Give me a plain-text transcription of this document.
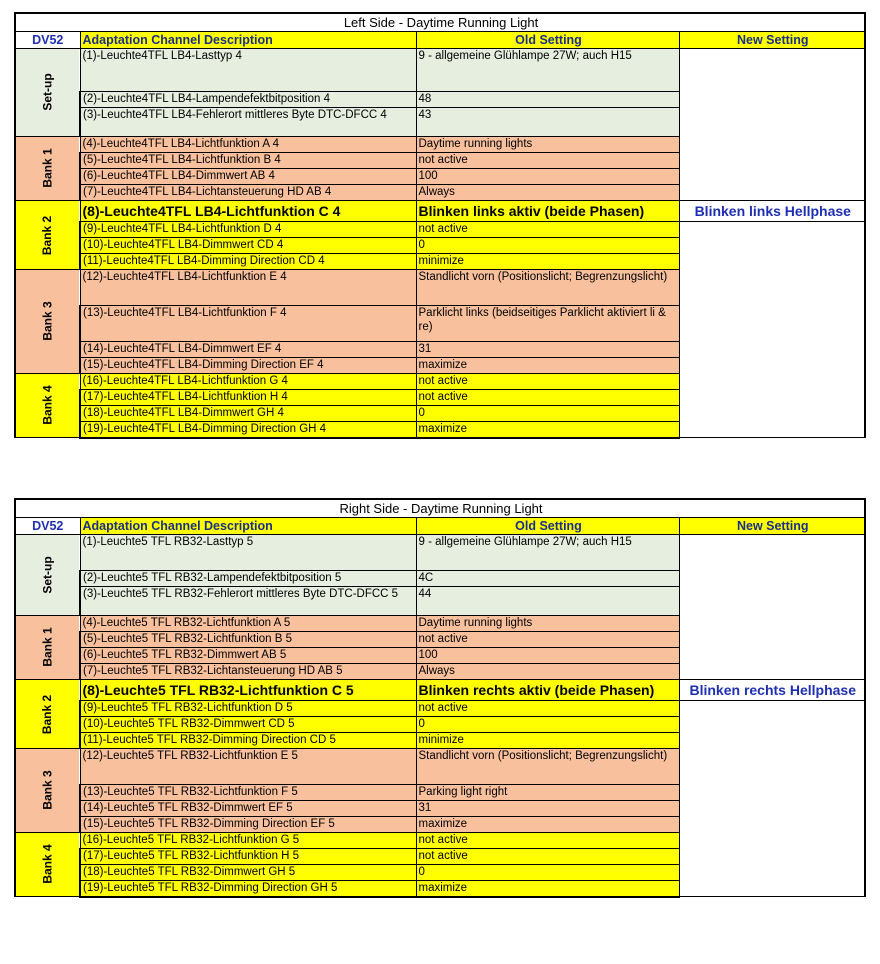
Left Side - Daytime Running Light			
DV52	Adaptation Channel Description	Old Setting	New Setting
Set-up	(1)-Leuchte4TFL LB4-Lasttyp 4	9 - allgemeine Glühlampe 27W; auch H15	
	(2)-Leuchte4TFL LB4-Lampendefektbitposition 4	48	
	(3)-Leuchte4TFL LB4-Fehlerort mittleres Byte DTC-DFCC 4	43	
Bank 1	(4)-Leuchte4TFL LB4-Lichtfunktion A 4	Daytime running lights	
	(5)-Leuchte4TFL LB4-Lichtfunktion B 4	not active	
	(6)-Leuchte4TFL LB4-Dimmwert AB 4	100	
	(7)-Leuchte4TFL LB4-Lichtansteuerung HD AB 4	Always	
Bank 2	(8)-Leuchte4TFL LB4-Lichtfunktion C 4	Blinken links aktiv (beide Phasen)	Blinken links Hellphase
	(9)-Leuchte4TFL LB4-Lichtfunktion D 4	not active	
	(10)-Leuchte4TFL LB4-Dimmwert CD 4	0	
	(11)-Leuchte4TFL LB4-Dimming Direction CD 4	minimize	
Bank 3	(12)-Leuchte4TFL LB4-Lichtfunktion E 4	Standlicht vorn (Positionslicht; Begrenzungslicht)	
	(13)-Leuchte4TFL LB4-Lichtfunktion F 4	Parklicht links (beidseitiges Parklicht aktiviert li & re)	
	(14)-Leuchte4TFL LB4-Dimmwert EF 4	31	
	(15)-Leuchte4TFL LB4-Dimming Direction EF 4	maximize	
Bank 4	(16)-Leuchte4TFL LB4-Lichtfunktion G 4	not active	
	(17)-Leuchte4TFL LB4-Lichtfunktion H 4	not active	
	(18)-Leuchte4TFL LB4-Dimmwert GH 4	0	
	(19)-Leuchte4TFL LB4-Dimming Direction GH 4	maximize	
Right Side - Daytime Running Light			
DV52	Adaptation Channel Description	Old Setting	New Setting
Set-up	(1)-Leuchte5 TFL RB32-Lasttyp 5	9 - allgemeine Glühlampe 27W; auch H15	
	(2)-Leuchte5 TFL RB32-Lampendefektbitposition 5	4C	
	(3)-Leuchte5 TFL RB32-Fehlerort mittleres Byte DTC-DFCC 5	44	
Bank 1	(4)-Leuchte5 TFL RB32-Lichtfunktion A 5	Daytime running lights	
	(5)-Leuchte5 TFL RB32-Lichtfunktion B 5	not active	
	(6)-Leuchte5 TFL RB32-Dimmwert AB 5	100	
	(7)-Leuchte5 TFL RB32-Lichtansteuerung HD AB 5	Always	
Bank 2	(8)-Leuchte5 TFL RB32-Lichtfunktion C 5	Blinken rechts aktiv (beide Phasen)	Blinken rechts Hellphase
	(9)-Leuchte5 TFL RB32-Lichtfunktion D 5	not active	
	(10)-Leuchte5 TFL RB32-Dimmwert CD 5	0	
	(11)-Leuchte5 TFL RB32-Dimming Direction CD 5	minimize	
Bank 3	(12)-Leuchte5 TFL RB32-Lichtfunktion E 5	Standlicht vorn (Positionslicht; Begrenzungslicht)	
	(13)-Leuchte5 TFL RB32-Lichtfunktion F 5	Parking light right	
	(14)-Leuchte5 TFL RB32-Dimmwert EF 5	31	
	(15)-Leuchte5 TFL RB32-Dimming Direction EF 5	maximize	
Bank 4	(16)-Leuchte5 TFL RB32-Lichtfunktion G 5	not active	
	(17)-Leuchte5 TFL RB32-Lichtfunktion H 5	not active	
	(18)-Leuchte5 TFL RB32-Dimmwert GH 5	0	
	(19)-Leuchte5 TFL RB32-Dimming Direction GH 5	maximize	
